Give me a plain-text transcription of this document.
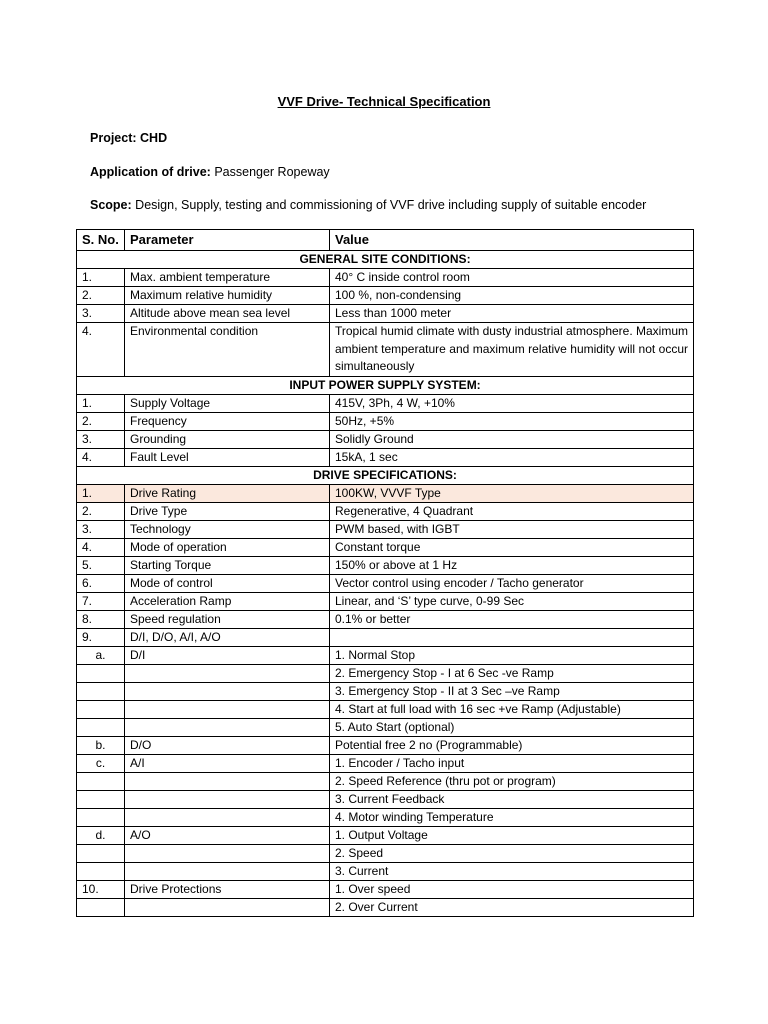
VVF Drive- Technical Specification
Project: CHD
Application of drive: Passenger Ropeway
Scope: Design, Supply, testing and commissioning of VVF drive including supply of suitable encoder
S. No.	Parameter	Value
GENERAL SITE CONDITIONS:		
1.	Max. ambient temperature	40° C inside control room
2.	Maximum relative humidity	100 %, non-condensing
3.	Altitude above mean sea level	Less than 1000 meter
4.	Environmental condition	Tropical humid climate with dusty industrial atmosphere. Maximum ambient temperature and maximum relative humidity will not occur simultaneously
INPUT POWER SUPPLY SYSTEM:		
1.	Supply Voltage	415V, 3Ph, 4 W, +10%
2.	Frequency	50Hz, +5%
3.	Grounding	Solidly Ground
4.	Fault Level	15kA, 1 sec
DRIVE SPECIFICATIONS:		
1.	Drive Rating	100KW, VVVF Type
2.	Drive Type	Regenerative, 4 Quadrant
3.	Technology	PWM based, with IGBT
4.	Mode of operation	Constant torque
5.	Starting Torque	150% or above at 1 Hz
6.	Mode of control	Vector control using encoder / Tacho generator
7.	Acceleration Ramp	Linear, and ‘S’ type curve, 0-99 Sec
8.	Speed regulation	0.1% or better
9.	D/I, D/O, A/I, A/O	
a.	D/I	1. Normal Stop
		2. Emergency Stop - I at 6 Sec -ve Ramp
		3. Emergency Stop - II at 3 Sec –ve Ramp
		4. Start at full load with 16 sec +ve Ramp (Adjustable)
		5. Auto Start (optional)
b.	D/O	Potential free 2 no (Programmable)
c.	A/I	1. Encoder / Tacho input
		2. Speed Reference (thru pot or program)
		3. Current Feedback
		4. Motor winding Temperature
d.	A/O	1. Output Voltage
		2. Speed
		3. Current
10.	Drive Protections	1. Over speed
		2. Over Current
